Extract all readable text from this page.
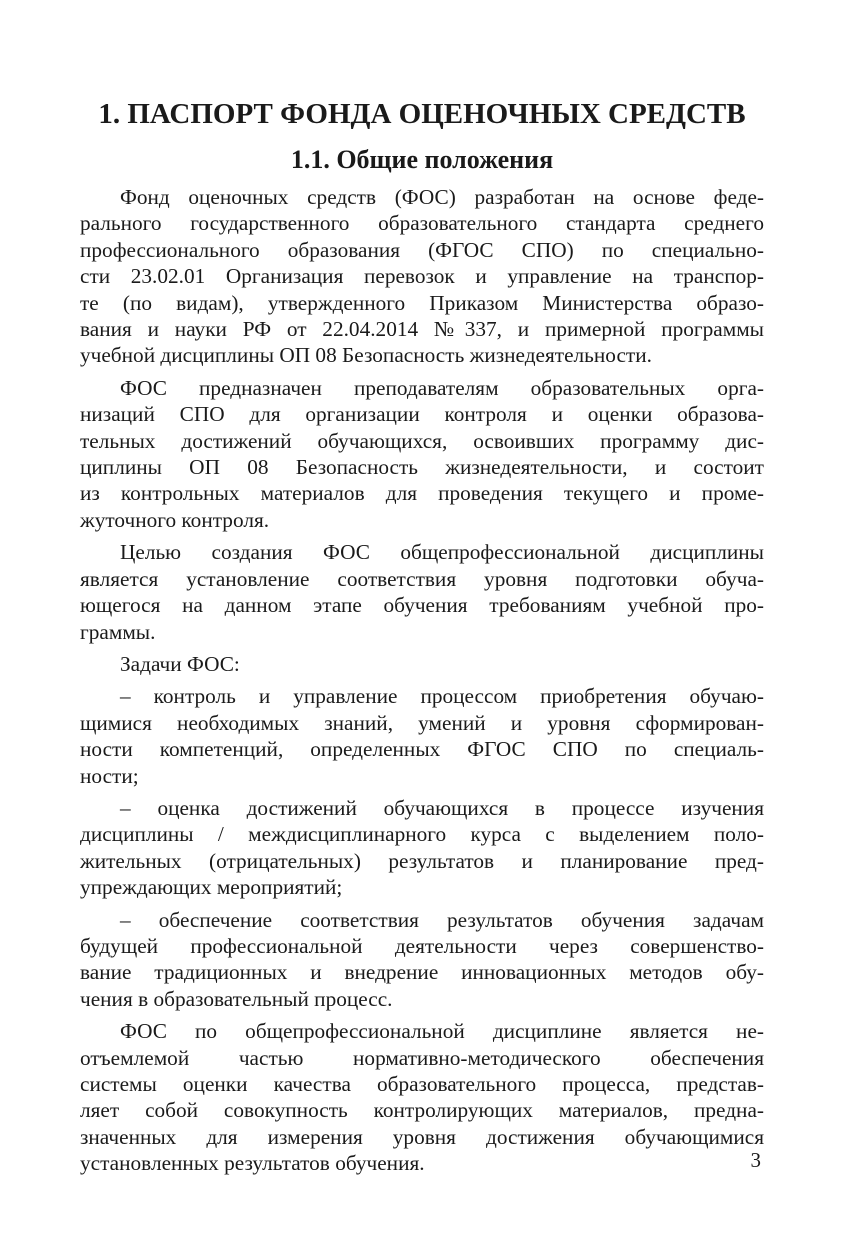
1. ПАСПОРТ ФОНДА ОЦЕНОЧНЫХ СРЕДСТВ
1.1. Общие положения
Фонд оценочных средств (ФОС) разработан на основе феде-
рального государственного образовательного стандарта среднего
профессионального образования (ФГОС СПО) по специально-
сти 23.02.01 Организация перевозок и управление на транспор-
те (по видам), утвержденного Приказом Министерства образо-
вания и науки РФ от 22.04.2014 №337, и примерной программы
учебной дисциплины ОП 08 Безопасность жизнедеятельности.
ФОС предназначен преподавателям образовательных орга-
низаций СПО для организации контроля и оценки образова-
тельных достижений обучающихся, освоивших программу дис-
циплины ОП 08 Безопасность жизнедеятельности, и состоит
из контрольных материалов для проведения текущего и проме-
жуточного контроля.
Целью создания ФОС общепрофессиональной дисциплины
является установление соответствия уровня подготовки обуча-
ющегося на данном этапе обучения требованиям учебной про-
граммы.
Задачи ФОС:
– контроль и управление процессом приобретения обучаю-
щимися необходимых знаний, умений и уровня сформирован-
ности компетенций, определенных ФГОС СПО по специаль-
ности;
– оценка достижений обучающихся в процессе изучения
дисциплины / междисциплинарного курса с выделением поло-
жительных (отрицательных) результатов и планирование пред-
упреждающих мероприятий;
– обеспечение соответствия результатов обучения задачам
будущей профессиональной деятельности через совершенство-
вание традиционных и внедрение инновационных методов обу-
чения в образовательный процесс.
ФОС по общепрофессиональной дисциплине является не-
отъемлемой частью нормативно-методического обеспечения
системы оценки качества образовательного процесса, представ-
ляет собой совокупность контролирующих материалов, предна-
значенных для измерения уровня достижения обучающимися
установленных результатов обучения.	3
